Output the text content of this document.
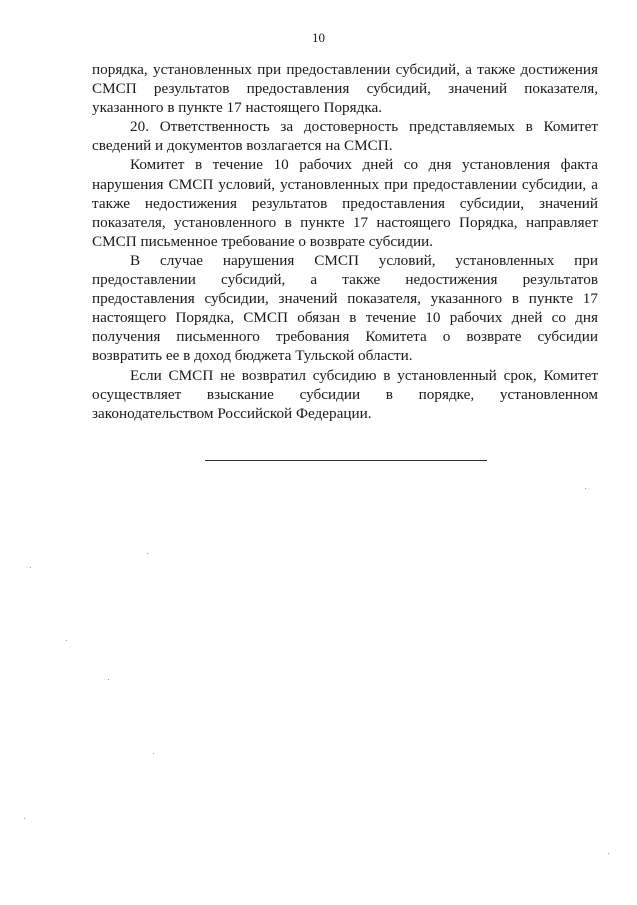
10

порядка, установленных при предоставлении субсидий, а также достижения СМСП результатов предоставления субсидий, значений показателя, указанного в пункте 17 настоящего Порядка.

20. Ответственность за достоверность представляемых в Комитет сведений и документов возлагается на СМСП.

Комитет в течение 10 рабочих дней со дня установления факта нарушения СМСП условий, установленных при предоставлении субсидии, а также недостижения результатов предоставления субсидии, значений показателя, установленного в пункте 17 настоящего Порядка, направляет СМСП письменное требование о возврате субсидии.

В случае нарушения СМСП условий, установленных при предоставлении субсидий, а также недостижения результатов предоставления субсидии, значений показателя, указанного в пункте 17 настоящего Порядка, СМСП обязан в течение 10 рабочих дней со дня получения письменного требования Комитета о возврате субсидии возвратить ее в доход бюджета Тульской области.

Если СМСП не возвратил субсидию в установленный срок, Комитет осуществляет взыскание субсидии в порядке, установленном законодательством Российской Федерации.
